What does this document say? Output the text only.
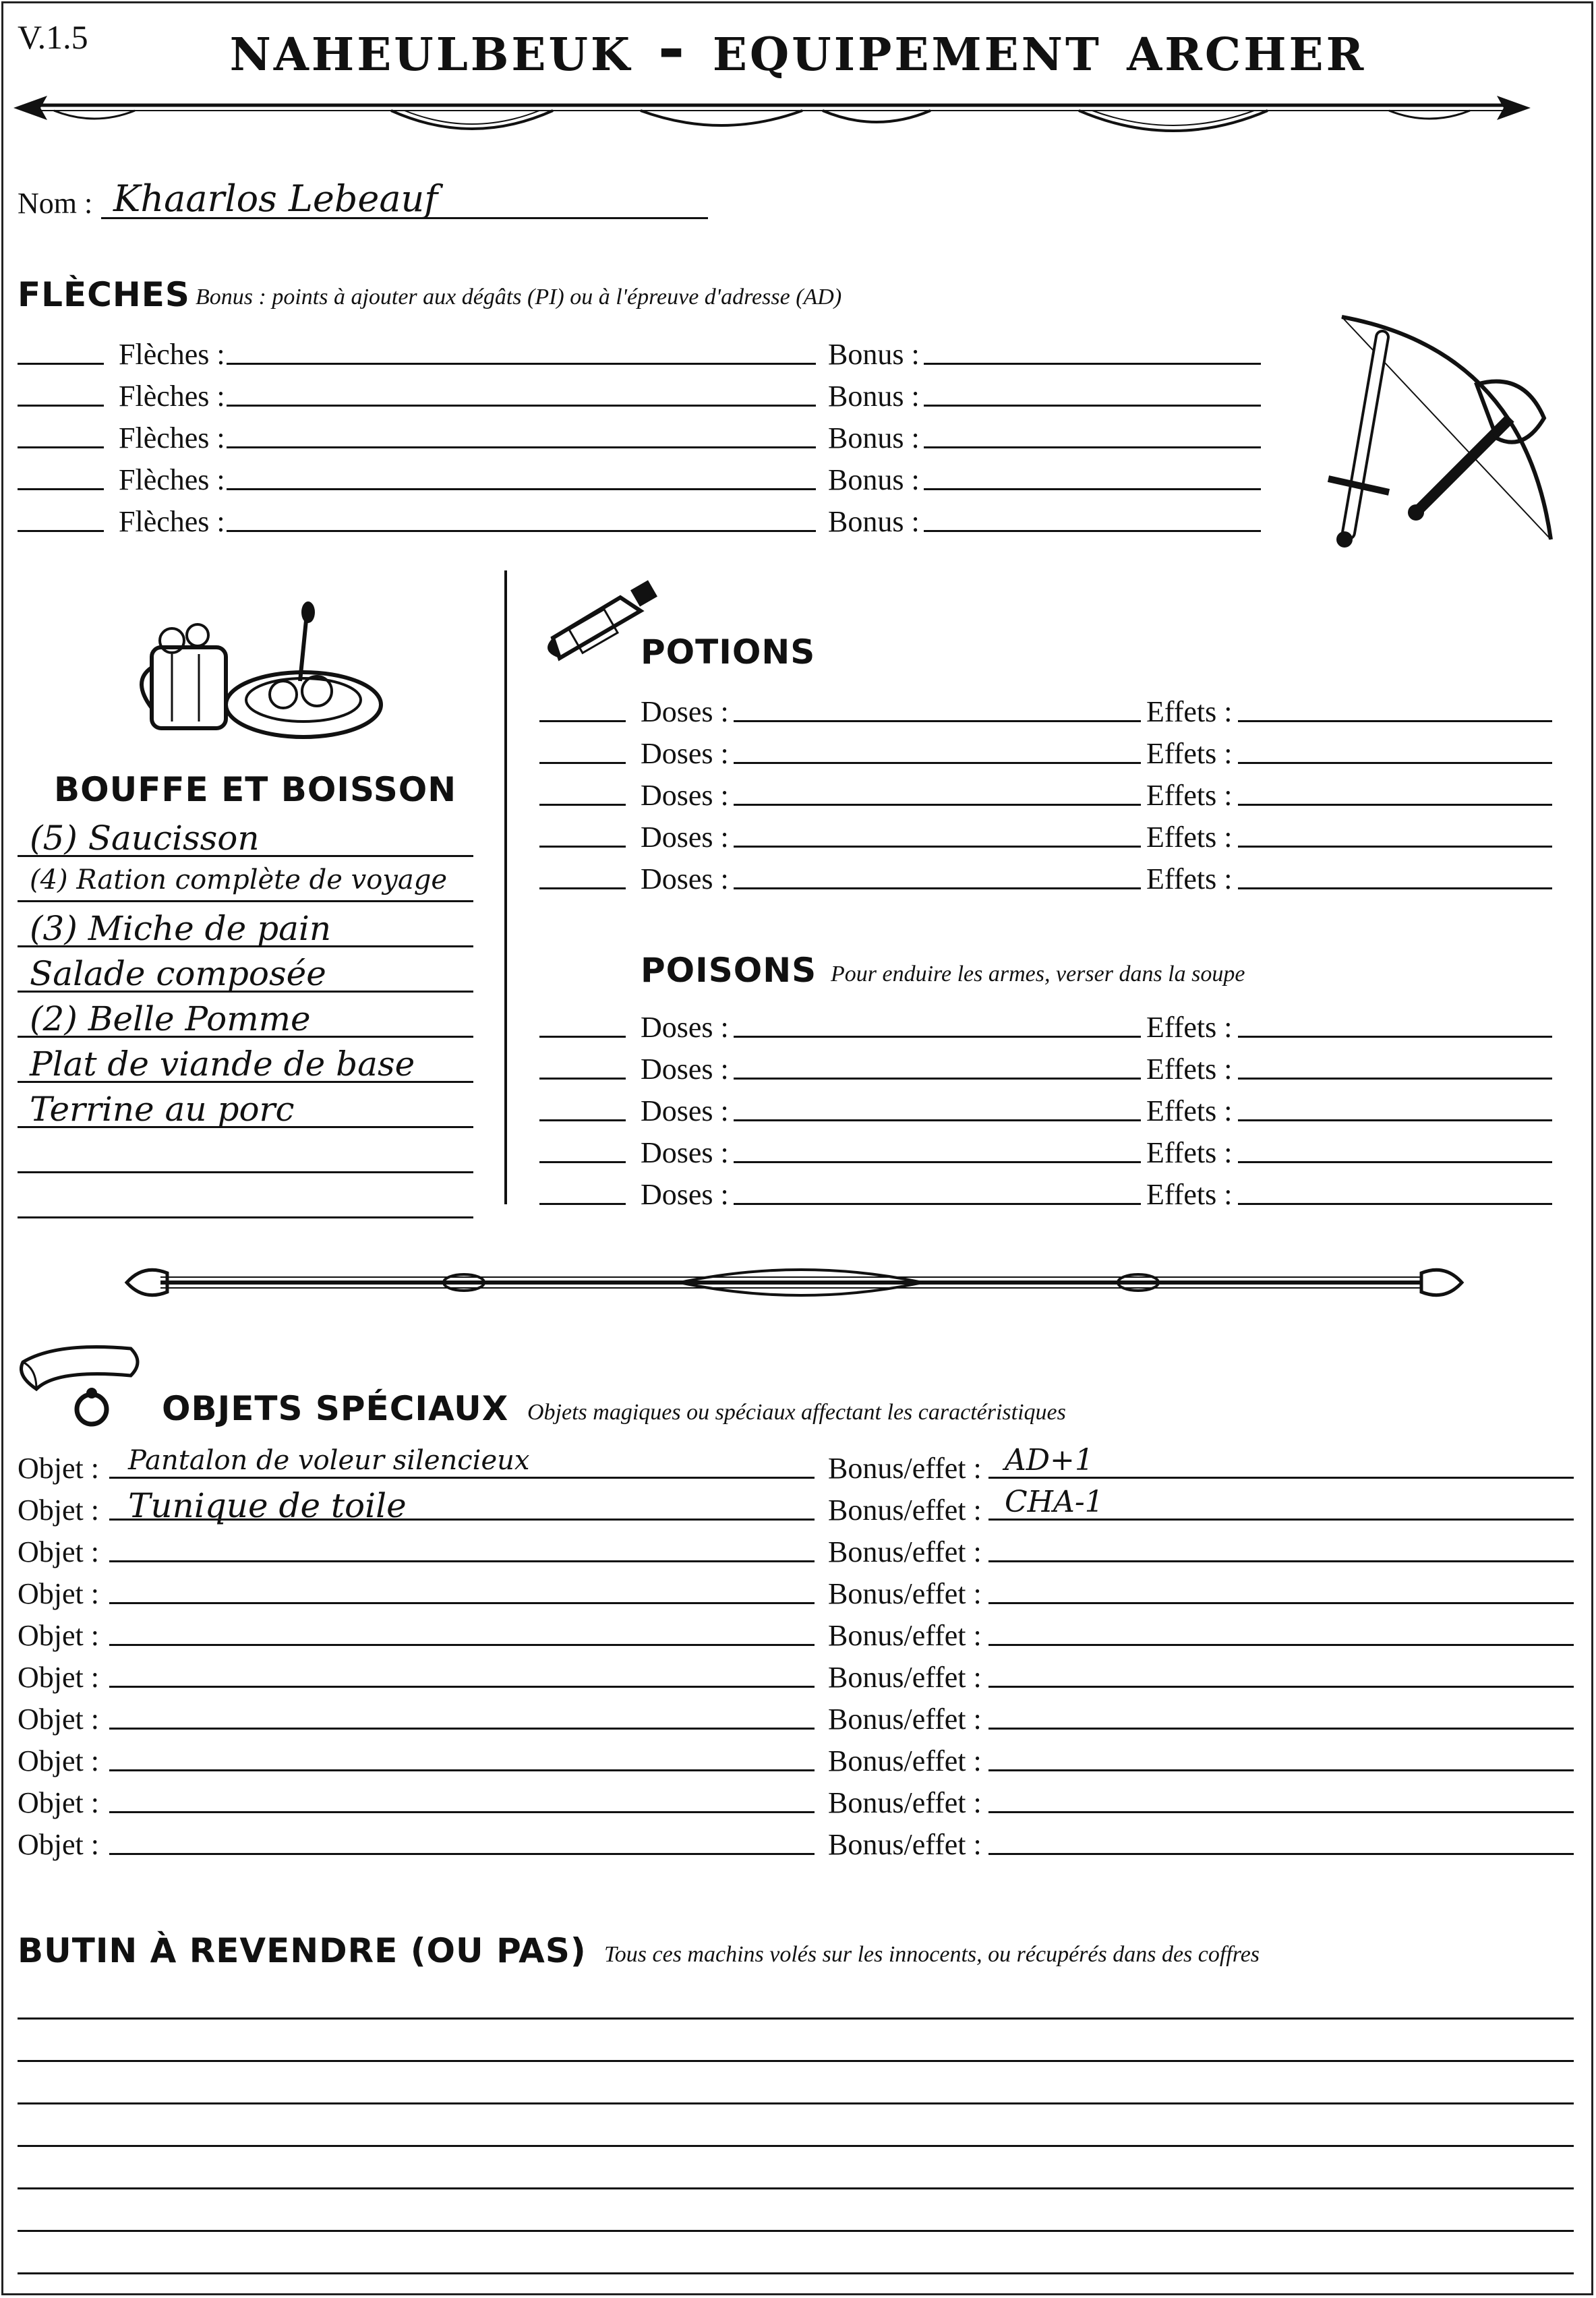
V.1.5	naheulbeuk - equipement archer
Nom : Khaarlos Lebeauf
FLÈCHES Bonus : points à ajouter aux dégâts (PI) ou à l'épreuve d'adresse (AD)
Flèches :	Bonus :
Flèches :	Bonus :
Flèches :	Bonus :
Flèches :	Bonus :
Flèches :	Bonus :
BOUFFE ET BOISSON
(5) Saucisson
(4) Ration complète de voyage
(3) Miche de pain
Salade composée
(2) Belle Pomme
Plat de viande de base
Terrine au porc
POTIONS
Doses :	Effets :
Doses :	Effets :
Doses :	Effets :
Doses :	Effets :
Doses :	Effets :
POISONS Pour enduire les armes, verser dans la soupe
Doses :	Effets :
Doses :	Effets :
Doses :	Effets :
Doses :	Effets :
Doses :	Effets :
OBJETS SPÉCIAUX Objets magiques ou spéciaux affectant les caractéristiques
Objet : Pantalon de voleur silencieux	Bonus/effet : AD+1
Objet : Tunique de toile	Bonus/effet : CHA-1
Objet :	Bonus/effet :
Objet :	Bonus/effet :
Objet :	Bonus/effet :
Objet :	Bonus/effet :
Objet :	Bonus/effet :
Objet :	Bonus/effet :
Objet :	Bonus/effet :
Objet :	Bonus/effet :
BUTIN À REVENDRE (OU PAS) Tous ces machins volés sur les innocents, ou récupérés dans des coffres
